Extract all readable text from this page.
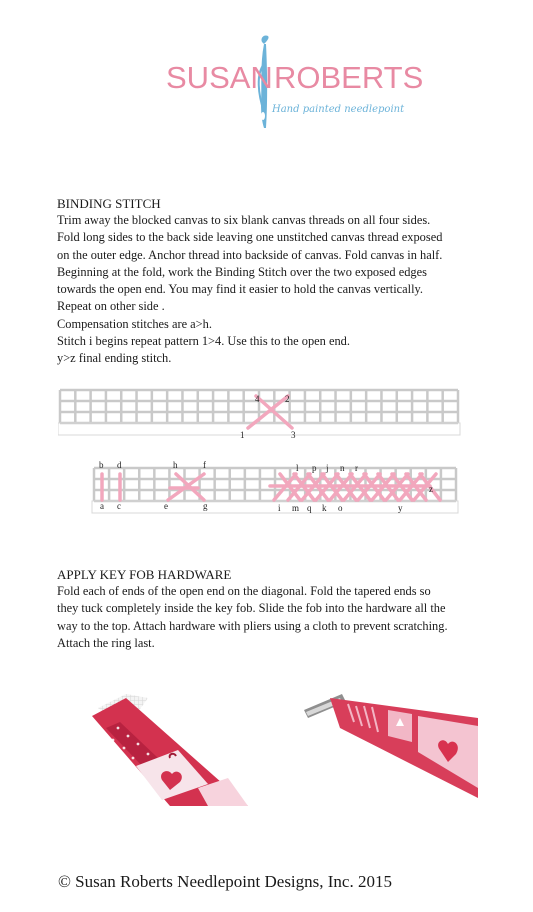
SUSAN ROBERTS
Hand painted needlepoint
BINDING STITCH

Trim away the blocked canvas to six blank canvas threads on all four sides.

Fold long sides to the back side leaving one unstitched canvas thread exposed

on the outer edge. Anchor thread into backside of canvas. Fold canvas in half.

Beginning at the fold, work the Binding Stitch over the two exposed edges

towards the open end. You may find it easier to hold the canvas vertically.

Repeat on other side .

Compensation stitches are a>h.

Stitch i begins repeat pattern 1>4. Use this to the open end.

y>z final ending stitch.

4	2
1	3
b d	h	f	l p j n r
a c	e	g	i m q k o	y
z
APPLY KEY FOB HARDWARE

Fold each of ends of the open end on the diagonal. Fold the tapered ends so

they tuck completely inside the key fob. Slide the fob into the hardware all the

way to the top. Attach hardware with pliers using a cloth to prevent scratching.

Attach the ring last.

© Susan Roberts Needlepoint Designs, Inc. 2015
